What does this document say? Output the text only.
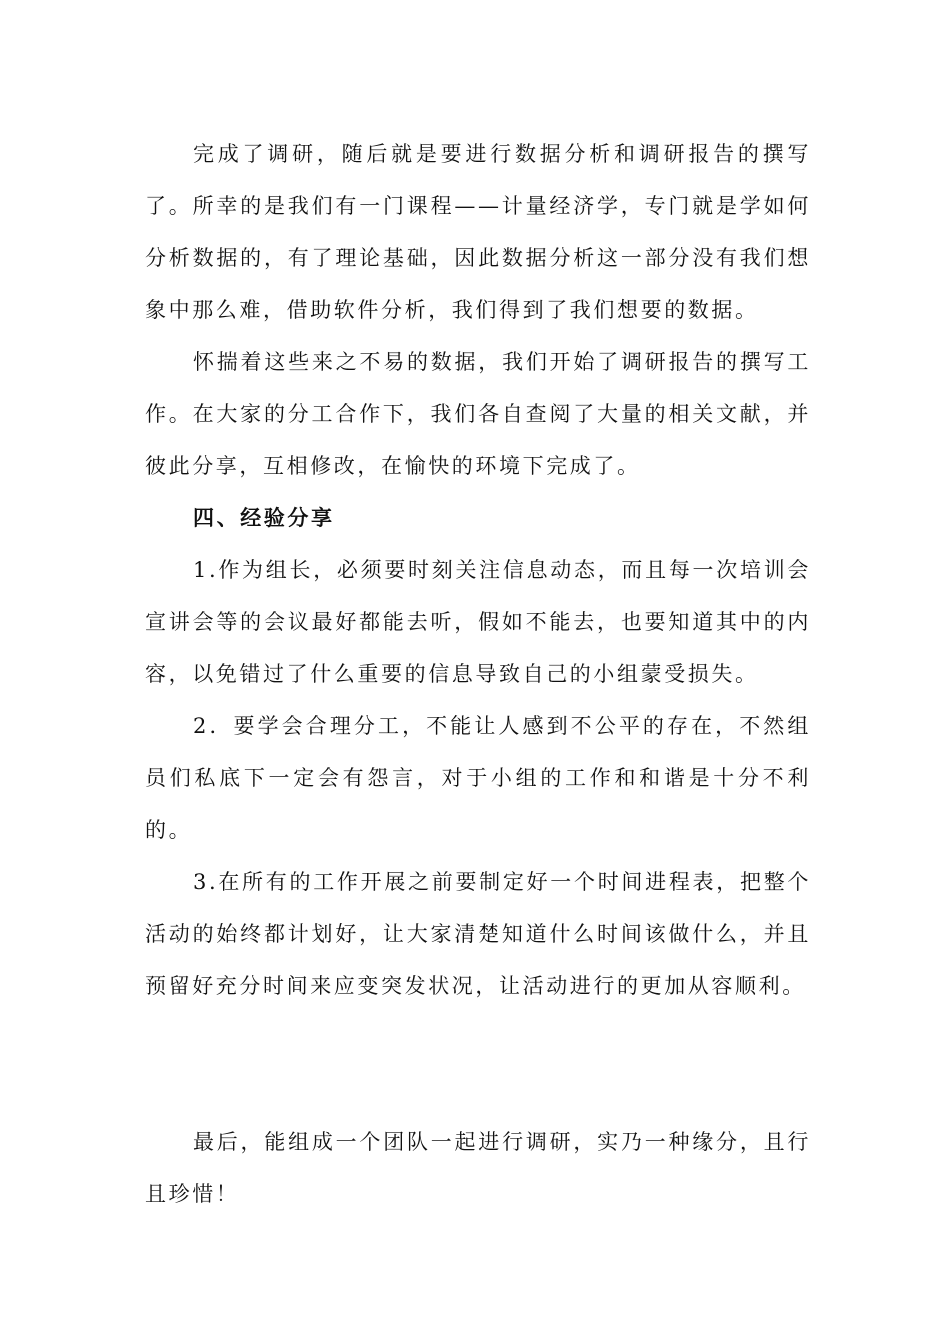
完成了调研，随后就是要进行数据分析和调研报告的撰写了。所幸的是我们有一门课程——计量经济学，专门就是学如何分析数据的，有了理论基础，因此数据分析这一部分没有我们想象中那么难，借助软件分析，我们得到了我们想要的数据。

怀揣着这些来之不易的数据，我们开始了调研报告的撰写工作。在大家的分工合作下，我们各自查阅了大量的相关文献，并彼此分享，互相修改，在愉快的环境下完成了。

四、经验分享

1.作为组长，必须要时刻关注信息动态，而且每一次培训会宣讲会等的会议最好都能去听，假如不能去，也要知道其中的内容，以免错过了什么重要的信息导致自己的小组蒙受损失。

2．要学会合理分工，不能让人感到不公平的存在，不然组员们私底下一定会有怨言，对于小组的工作和和谐是十分不利的。

3.在所有的工作开展之前要制定好一个时间进程表，把整个活动的始终都计划好，让大家清楚知道什么时间该做什么，并且预留好充分时间来应变突发状况，让活动进行的更加从容顺利。

最后，能组成一个团队一起进行调研，实乃一种缘分，且行且珍惜！
